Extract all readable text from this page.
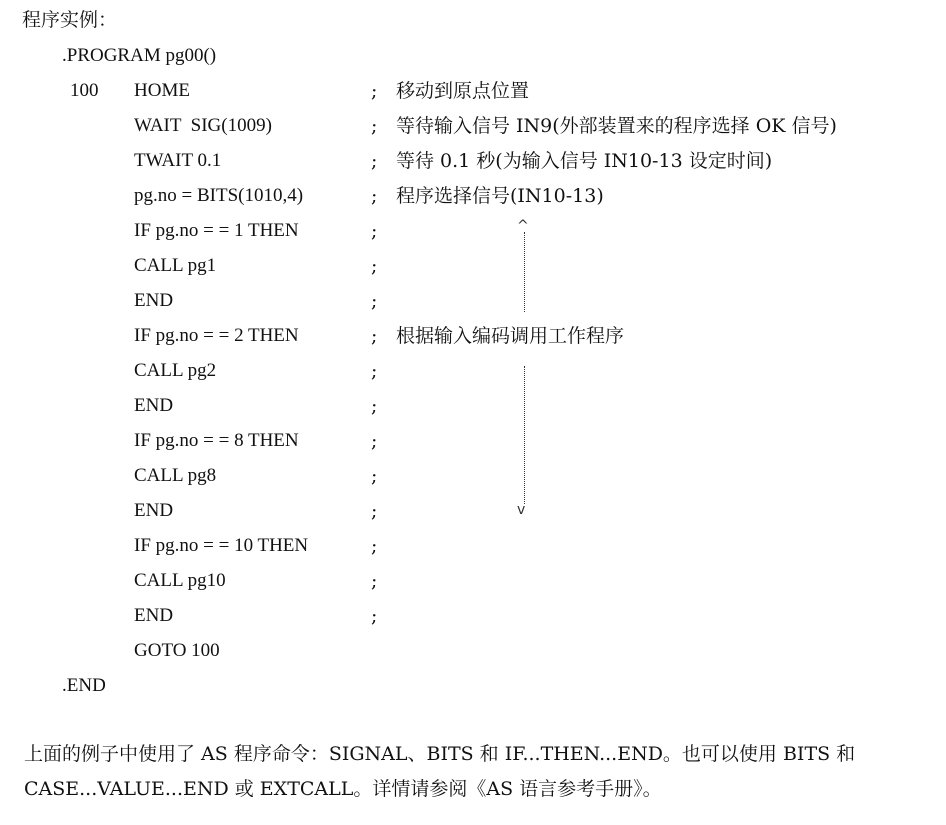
程序实例：
.PROGRAM pg00()
100 HOME	; 移动到原点位置
WAIT  SIG(1009)	; 等待输入信号 IN9(外部装置来的程序选择 OK 信号)
TWAIT 0.1	; 等待 0.1 秒(为输入信号 IN10-13 设定时间)
pg.no = BITS(1010,4)	; 程序选择信号(IN10-13)
IF pg.no = = 1 THEN	;
CALL pg1	;
END	;
IF pg.no = = 2 THEN	; 根据输入编码调用工作程序
CALL pg2	;
END	;
IF pg.no = = 8 THEN	;
CALL pg8	;
END	;
IF pg.no = = 10 THEN	;
CALL pg10	;
END	;
GOTO 100
.END
^
v
上面的例子中使用了 AS 程序命令：SIGNAL、BITS 和 IF...THEN...END。也可以使用 BITS 和
CASE...VALUE...END 或 EXTCALL。详情请参阅《AS 语言参考手册》。
